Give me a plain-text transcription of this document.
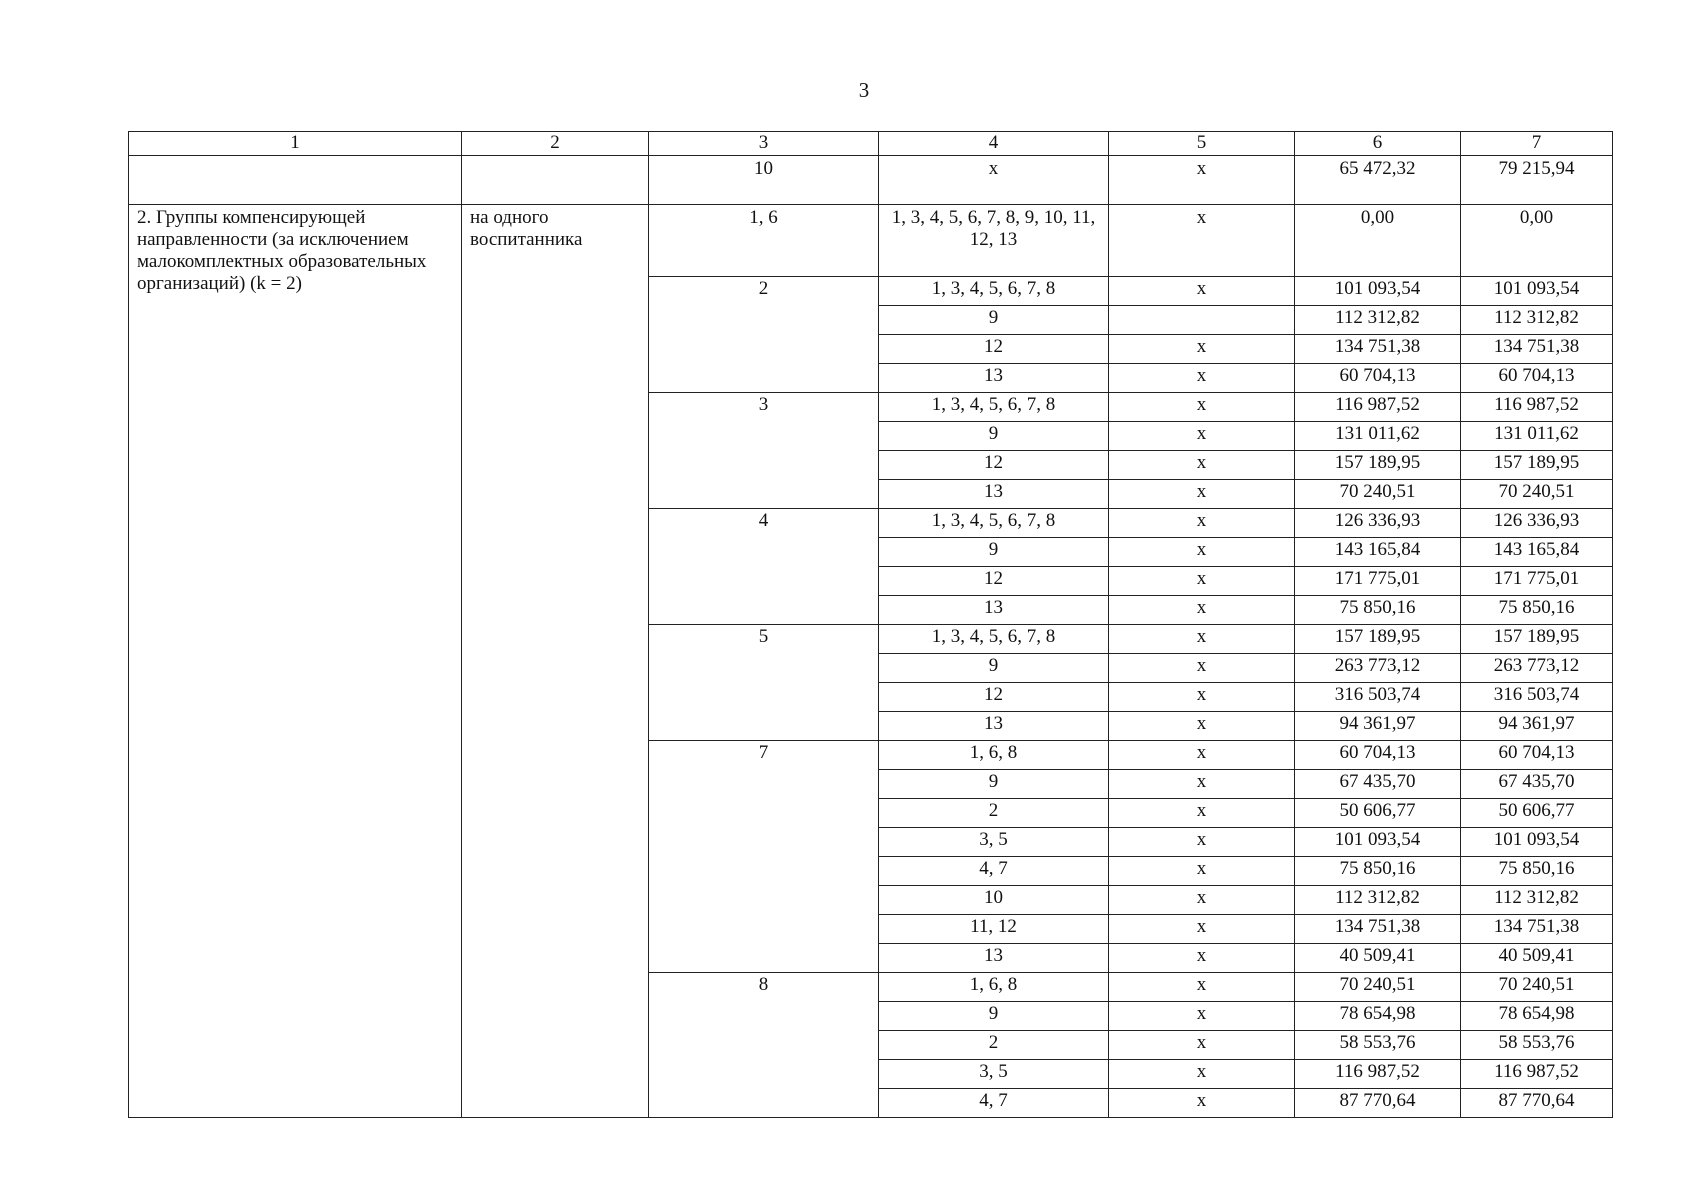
3
1	2	3	4	5	6	7
		10	x	x	65 472,32	79 215,94
2. Группы компенсирующей направленности (за исключением малокомплектных образовательных организаций) (k = 2)	на одного воспитанника	1, 6	1, 3, 4, 5, 6, 7, 8, 9, 10, 11, 12, 13	x	0,00	0,00
		2	1, 3, 4, 5, 6, 7, 8	x	101 093,54	101 093,54
			9		112 312,82	112 312,82
			12	x	134 751,38	134 751,38
			13	x	60 704,13	60 704,13
		3	1, 3, 4, 5, 6, 7, 8	x	116 987,52	116 987,52
			9	x	131 011,62	131 011,62
			12	x	157 189,95	157 189,95
			13	x	70 240,51	70 240,51
		4	1, 3, 4, 5, 6, 7, 8	x	126 336,93	126 336,93
			9	x	143 165,84	143 165,84
			12	x	171 775,01	171 775,01
			13	x	75 850,16	75 850,16
		5	1, 3, 4, 5, 6, 7, 8	x	157 189,95	157 189,95
			9	x	263 773,12	263 773,12
			12	x	316 503,74	316 503,74
			13	x	94 361,97	94 361,97
		7	1, 6, 8	x	60 704,13	60 704,13
			9	x	67 435,70	67 435,70
			2	x	50 606,77	50 606,77
			3, 5	x	101 093,54	101 093,54
			4, 7	x	75 850,16	75 850,16
			10	x	112 312,82	112 312,82
			11, 12	x	134 751,38	134 751,38
			13	x	40 509,41	40 509,41
		8	1, 6, 8	x	70 240,51	70 240,51
			9	x	78 654,98	78 654,98
			2	x	58 553,76	58 553,76
			3, 5	x	116 987,52	116 987,52
			4, 7	x	87 770,64	87 770,64
